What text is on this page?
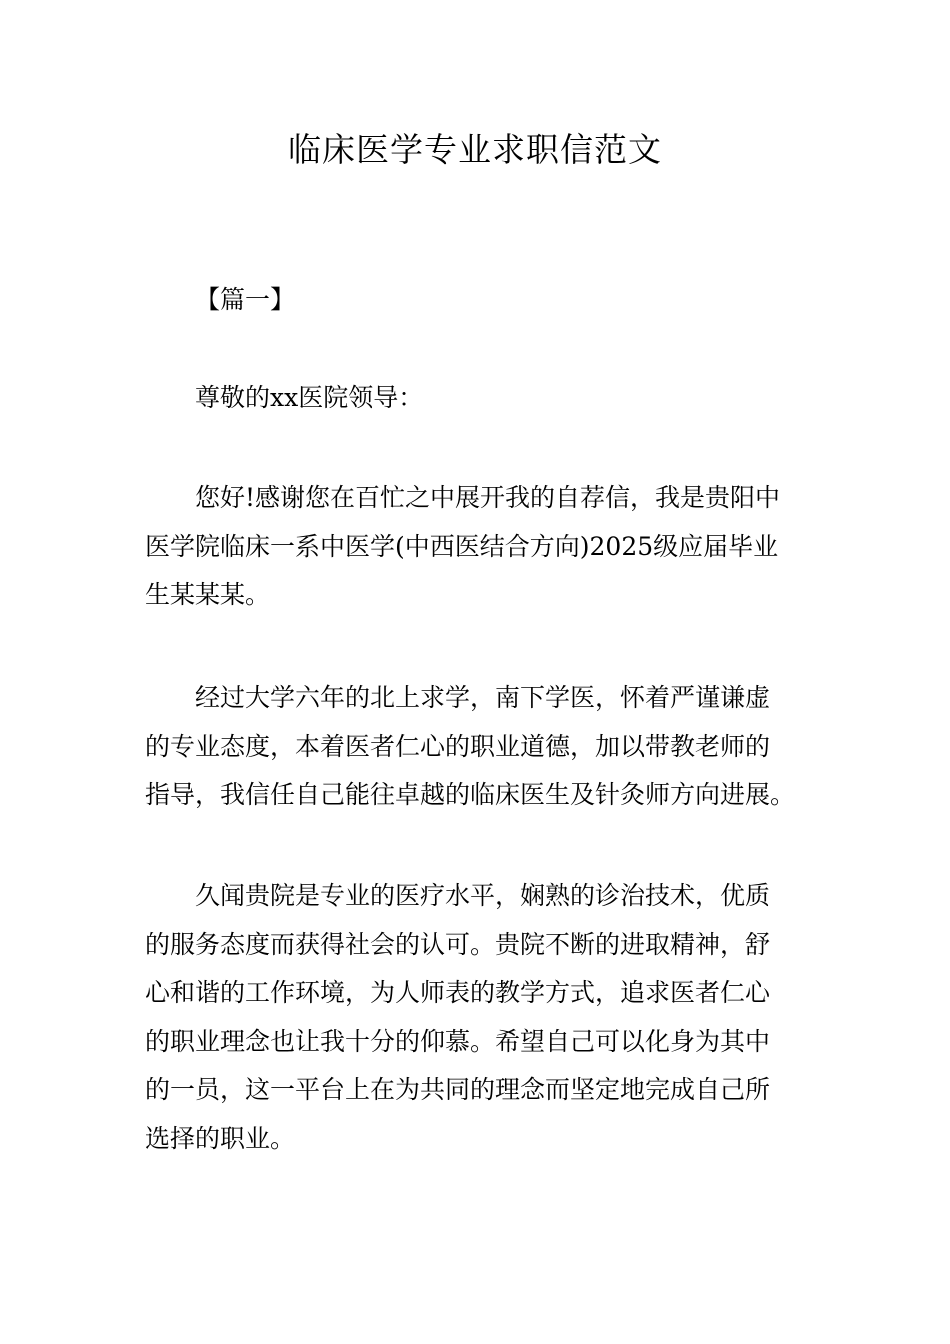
临床医学专业求职信范文

【篇一】

尊敬的xx医院领导：

您好!感谢您在百忙之中展开我的自荐信，我是贵阳中
医学院临床一系中医学(中西医结合方向)2025级应届毕业
生某某某。

经过大学六年的北上求学，南下学医，怀着严谨谦虚
的专业态度，本着医者仁心的职业道德，加以带教老师的
指导，我信任自己能往卓越的临床医生及针灸师方向进展。

久闻贵院是专业的医疗水平，娴熟的诊治技术，优质
的服务态度而获得社会的认可。贵院不断的进取精神，舒
心和谐的工作环境，为人师表的教学方式，追求医者仁心
的职业理念也让我十分的仰慕。希望自己可以化身为其中
的一员，这一平台上在为共同的理念而坚定地完成自己所
选择的职业。
